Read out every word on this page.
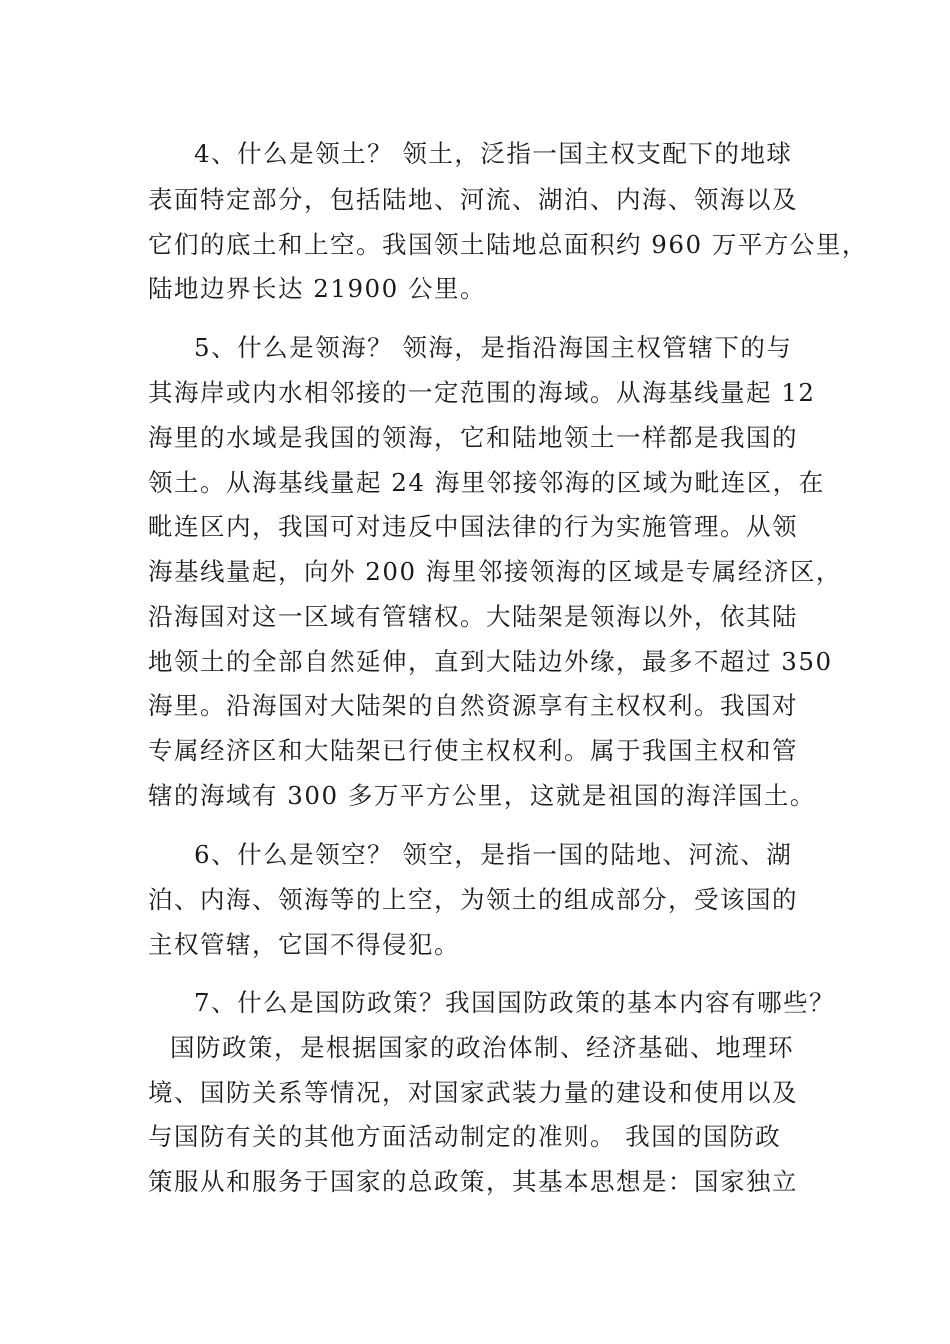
4、什么是领土？ 领土，泛指一国主权支配下的地球
表面特定部分，包括陆地、河流、湖泊、内海、领海以及
它们的底土和上空。我国领土陆地总面积约 960 万平方公里，
陆地边界长达 21900 公里。
5、什么是领海？ 领海，是指沿海国主权管辖下的与
其海岸或内水相邻接的一定范围的海域。从海基线量起 12
海里的水域是我国的领海，它和陆地领土一样都是我国的
领土。从海基线量起 24 海里邻接邻海的区域为毗连区，在
毗连区内，我国可对违反中国法律的行为实施管理。从领
海基线量起，向外 200 海里邻接领海的区域是专属经济区，
沿海国对这一区域有管辖权。大陆架是领海以外，依其陆
地领土的全部自然延伸，直到大陆边外缘，最多不超过 350
海里。沿海国对大陆架的自然资源享有主权权利。我国对
专属经济区和大陆架已行使主权权利。属于我国主权和管
辖的海域有 300 多万平方公里，这就是祖国的海洋国土。
6、什么是领空？ 领空，是指一国的陆地、河流、湖
泊、内海、领海等的上空，为领土的组成部分，受该国的
主权管辖，它国不得侵犯。
7、什么是国防政策？我国国防政策的基本内容有哪些？
国防政策，是根据国家的政治体制、经济基础、地理环
境、国防关系等情况，对国家武装力量的建设和使用以及
与国防有关的其他方面活动制定的准则。 我国的国防政
策服从和服务于国家的总政策，其基本思想是：国家独立
